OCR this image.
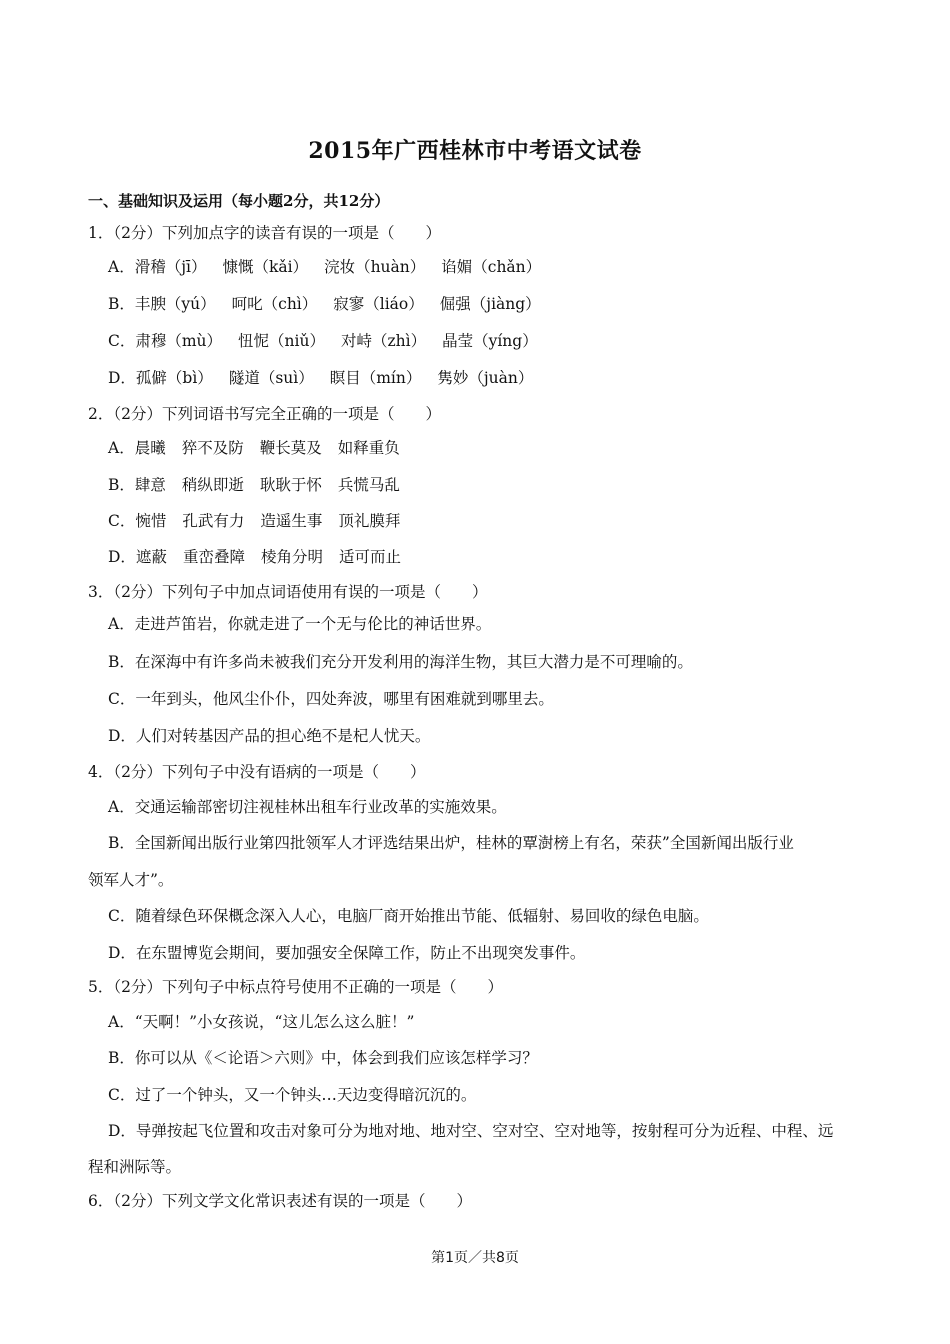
2015年广西桂林市中考语文试卷
一、基础知识及运用（每小题2分，共12分）
1．（2分）下列加点字的读音有误的一项是（　　）
A．滑稽（jī） 慷慨（kǎi） 浣妆（huàn） 谄媚（chǎn）
B．丰腴（yú） 呵叱（chì） 寂寥（liáo） 倔强（jiàng）
C．肃穆（mù） 忸怩（niǔ） 对峙（zhì） 晶莹（yíng）
D．孤僻（bì） 隧道（suì） 瞑目（mín） 隽妙（juàn）
2．（2分）下列词语书写完全正确的一项是（　　）
A．晨曦 猝不及防 鞭长莫及 如释重负
B．肆意 稍纵即逝 耿耿于怀 兵慌马乱
C．惋惜 孔武有力 造遥生事 顶礼膜拜
D．遮蔽 重峦叠障 棱角分明 适可而止
3．（2分）下列句子中加点词语使用有误的一项是（　　）
A．走进芦笛岩，你就走进了一个无与伦比的神话世界。
B．在深海中有许多尚未被我们充分开发利用的海洋生物，其巨大潜力是不可理喻的。
C．一年到头，他风尘仆仆，四处奔波，哪里有困难就到哪里去。
D．人们对转基因产品的担心绝不是杞人忧天。
4．（2分）下列句子中没有语病的一项是（　　）
A．交通运输部密切注视桂林出租车行业改革的实施效果。
B．全国新闻出版行业第四批领军人才评选结果出炉，桂林的覃澍榜上有名，荣获”全国新闻出版行业
领军人才”。
C．随着绿色环保概念深入人心，电脑厂商开始推出节能、低辐射、易回收的绿色电脑。
D．在东盟博览会期间，要加强安全保障工作，防止不出现突发事件。
5．（2分）下列句子中标点符号使用不正确的一项是（　　）
A．“天啊！”小女孩说，“这儿怎么这么脏！”
B．你可以从《＜论语＞六则》中，体会到我们应该怎样学习？
C．过了一个钟头，又一个钟头…天边变得暗沉沉的。
D．导弹按起飞位置和攻击对象可分为地对地、地对空、空对空、空对地等，按射程可分为近程、中程、远
程和洲际等。
6．（2分）下列文学文化常识表述有误的一项是（　　）
第1页／共8页
